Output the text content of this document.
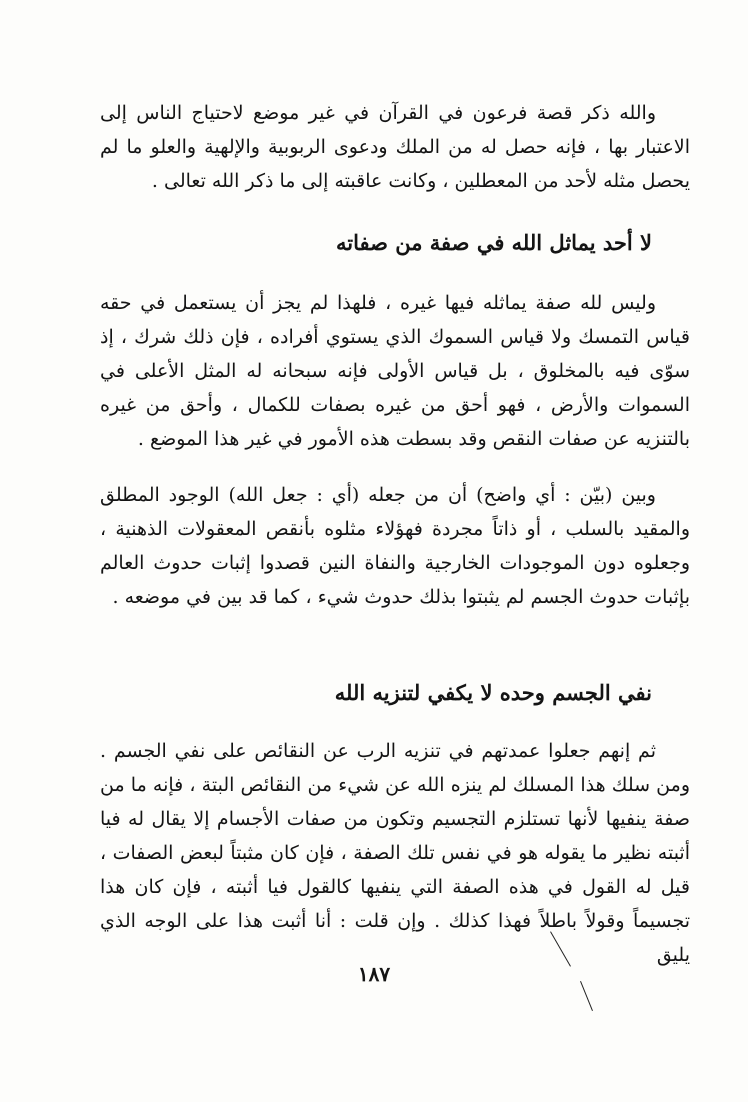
والله ذكر قصة فرعون في القرآن في غير موضع لاحتياج الناس إلى الاعتبار بها ، فإنه حصل له من الملك ودعوى الربوبية والإلهية والعلو ما لم يحصل مثله لأحد من المعطلين ، وكانت عاقبته إلى ما ذكر الله تعالى .

لا أحد يماثل الله في صفة من صفاته

وليس لله صفة يماثله فيها غيره ، فلهذا لم يجز أن يستعمل في حقه قياس التمسك ولا قياس السموك الذي يستوي أفراده ، فإن ذلك شرك ، إذ سوّى فيه بالمخلوق ، بل قياس الأولى فإنه سبحانه له المثل الأعلى في السموات والأرض ، فهو أحق من غيره بصفات للكمال ، وأحق من غيره بالتنزيه عن صفات النقص وقد بسطت هذه الأمور في غير هذا الموضع .

وبين (بيّن : أي واضح) أن من جعله (أي : جعل الله) الوجود المطلق والمقيد بالسلب ، أو ذاتاً مجردة فهؤلاء مثلوه بأنقص المعقولات الذهنية ، وجعلوه دون الموجودات الخارجية والنفاة النين قصدوا إثبات حدوث العالم بإثبات حدوث الجسم لم يثبتوا بذلك حدوث شيء ، كما قد بين في موضعه .

نفي الجسم وحده لا يكفي لتنزيه الله

ثم إنهم جعلوا عمدتهم في تنزيه الرب عن النقائص على نفي الجسم . ومن سلك هذا المسلك لم ينزه الله عن شيء من النقائص البتة ، فإنه ما من صفة ينفيها لأنها تستلزم التجسيم وتكون من صفات الأجسام إلا يقال له فيا أثبته نظير ما يقوله هو في نفس تلك الصفة ، فإن كان مثبتاً لبعض الصفات ، قيل له القول في هذه الصفة التي ينفيها كالقول فيا أثبته ، فإن كان هذا تجسيماً وقولاً باطلاً فهذا كذلك . وإن قلت : أنا أثبت هذا على الوجه الذي يليق

١٨٧
